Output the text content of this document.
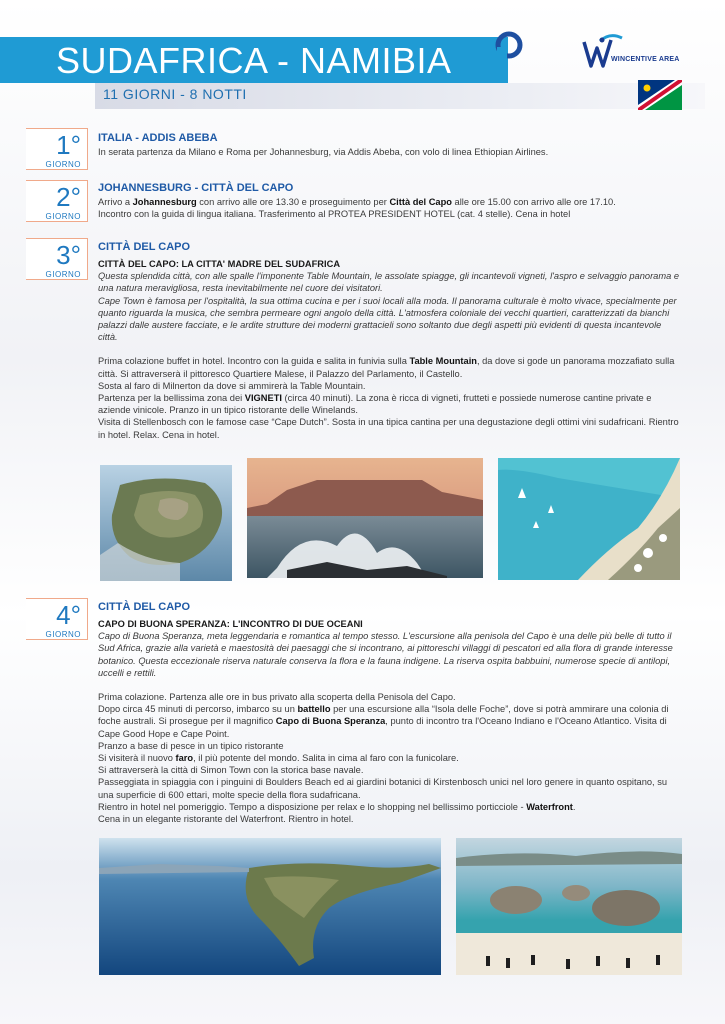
SUDAFRICA - NAMIBIA	WINCENTIVE AREA
11 GIORNI - 8 NOTTI
1°
GIORNO
ITALIA - ADDIS ABEBA
In serata partenza da Milano e Roma per Johannesburg, via Addis Abeba, con volo di linea Ethiopian Airlines.
2°
GIORNO
JOHANNESBURG - CITTÀ DEL CAPO
Arrivo a Johannesburg con arrivo alle ore 13.30 e proseguimento per Città del Capo alle ore 15.00 con arrivo alle ore 17.10.
Incontro con la guida di lingua italiana. Trasferimento al PROTEA PRESIDENT HOTEL (cat. 4 stelle). Cena in hotel
3°
GIORNO
CITTÀ DEL CAPO
CITTÀ DEL CAPO: LA CITTA' MADRE DEL SUDAFRICA
Questa splendida città, con alle spalle l'imponente Table Mountain, le assolate spiagge, gli incantevoli vigneti, l'aspro e selvaggio panorama e una natura meravigliosa, resta inevitabilmente nel cuore dei visitatori.
Cape Town è famosa per l'ospitalità, la sua ottima cucina e per i suoi locali alla moda. Il panorama culturale è molto vivace, specialmente per quanto riguarda la musica, che sembra permeare ogni angolo della città. L'atmosfera coloniale dei vecchi quartieri, caratterizzati da bianchi palazzi dalle austere facciate, e le ardite strutture dei moderni grattacieli sono soltanto due degli aspetti più evidenti di questa incantevole città.
Prima colazione buffet in hotel. Incontro con la guida e salita in funivia sulla Table Mountain, da dove si gode un panorama mozzafiato sulla città. Si attraverserà il pittoresco Quartiere Malese, il Palazzo del Parlamento, il Castello.
Sosta al faro di Milnerton da dove si ammirerà la Table Mountain.
Partenza per la bellissima zona dei VIGNETI (circa 40 minuti). La zona è ricca di vigneti, frutteti e possiede numerose cantine private e aziende vinicole. Pranzo in un tipico ristorante delle Winelands.
Visita di Stellenbosch con le famose case “Cape Dutch”. Sosta in una tipica cantina per una degustazione degli ottimi vini sudafricani. Rientro in hotel. Relax. Cena in hotel.
4°
GIORNO
CITTÀ DEL CAPO
CAPO DI BUONA SPERANZA: L'INCONTRO DI DUE OCEANI
Capo di Buona Speranza, meta leggendaria e romantica al tempo stesso. L'escursione alla penisola del Capo è una delle più belle di tutto il Sud Africa, grazie alla varietà e maestosità dei paesaggi che si incontrano, ai pittoreschi villaggi di pescatori ed alla flora di grande interesse botanico. Questa eccezionale riserva naturale conserva la flora e la fauna indigene. La riserva ospita babbuini, numerose specie di antilopi, uccelli e rettili.
Prima colazione. Partenza alle ore in bus privato alla scoperta della Penisola del Capo.
Dopo circa 45 minuti di percorso, imbarco su un battello per una escursione alla “Isola delle Foche”, dove si potrà ammirare una colonia di foche australi. Si prosegue per il magnifico Capo di Buona Speranza, punto di incontro tra l'Oceano Indiano e l'Oceano Atlantico. Visita di Cape Good Hope e Cape Point.
Pranzo a base di pesce in un tipico ristorante
Si visiterà il nuovo faro, il più potente del mondo. Salita in cima al faro con la funicolare.
Si attraverserà la città di Simon Town con la storica base navale.
Passeggiata in spiaggia con i pinguini di Boulders Beach ed ai giardini botanici di Kirstenbosch unici nel loro genere in quanto ospitano, su una superficie di 600 ettari, molte specie della flora sudafricana.
Rientro in hotel nel pomeriggio. Tempo a disposizione per relax e lo shopping nel bellissimo porticciole - Waterfront.
Cena in un elegante ristorante del Waterfront. Rientro in hotel.
